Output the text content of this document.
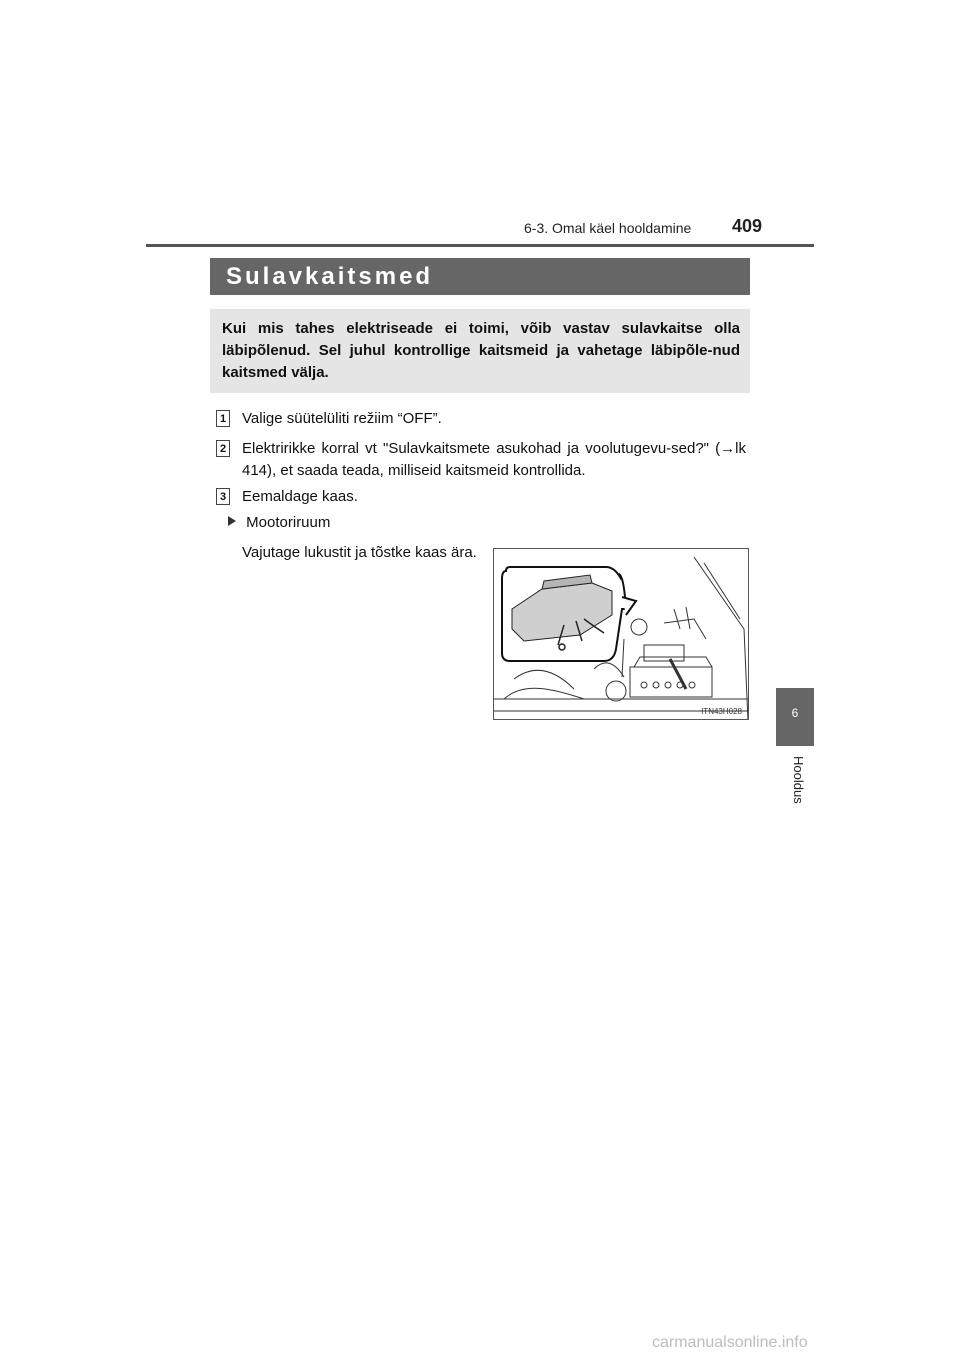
6-3. Omal käel hooldamine 409
Sulavkaitsmed

Kui mis tahes elektriseade ei toimi, võib vastav sulavkaitse olla läbipõlenud. Sel juhul kontrollige kaitsmeid ja vahetage läbipõle-nud kaitsmed välja.

1 Valige süütelüliti režiim “OFF”.
2 Elektririkke korral vt "Sulavkaitsmete asukohad ja voolutugevu-sed?" (→lk 414), et saada teada, milliseid kaitsmeid kontrollida.
3 Eemaldage kaas.
Mootoriruum
Vajutage lukustit ja tõstke kaas ära.
ITN43H028	6
Hooldus
carmanualsonline.info
